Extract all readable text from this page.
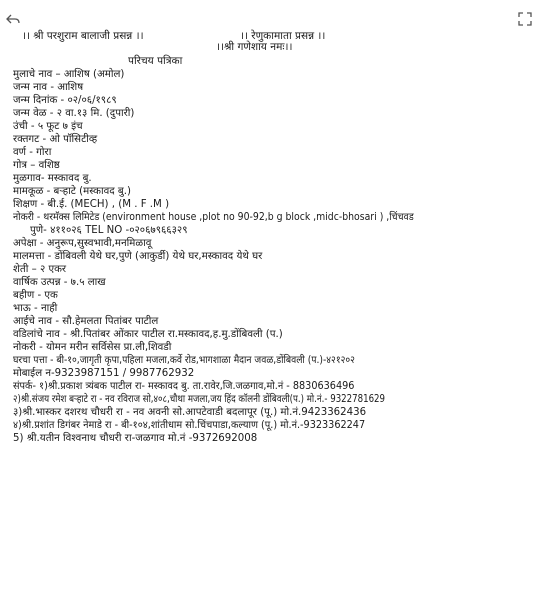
।। श्री परशुराम बालाजी प्रसन्न ।।	।। रेणुकामाता प्रसन्न ।।
।।श्री गणेशाय नमः।।
परिचय पत्रिका
मुलाचे नाव – आशिष (अमोल)
जन्म नाव - आशिष
जन्म दिनांक - ०२/०६/१९८९
जन्म वेळ - २ वा.१३ मि. (दुपारी)
उंची - ५ फूट ७ इंच
रक्तगट - ओ पॉसिटीव्ह
वर्ण - गोरा
गोत्र – वशिष्ठ
मुळगाव- मस्कावद बु.
मामकूळ - बऱ्हाटे (मस्कावद बु.)
शिक्षण - बी.ई. (MECH) , (M . F .M )
नोकरी - थरमॅक्स लिमिटेड (environment house ,plot no 90-92,b g block ,midc-bhosari ) ,चिंचवड
पुणे- ४११०२६ TEL NO -०२०६७९६६३२९
अपेक्षा - अनुरूप,सुस्वभावी,मनमिळावू
मालमत्ता - डोंबिवली येथे घर,पुणे (आकुर्डी) येथे घर,मस्कावद येथे घर
शेती – २ एकर
वार्षिक उत्पन्न - ७.५ लाख
बहीण - एक
भाऊ - नाही
आईचे नाव - सौ.हेमलता पितांबर पाटील
वडिलांचे नाव - श्री.पितांबर ओंकार पाटील रा.मस्कावद,ह.मु.डोंबिवली (प.)
नोकरी - योमन मरीन सर्विसेस प्रा.ली,शिवडी
घरचा पत्ता - बी-१०,जागृती कृपा,पहिला मजला,कर्वे रोड,भागशाळा मैदान जवळ,डोंबिवली (प.)-४२१२०२
मोबाईल न-9323987151 / 9987762932
संपर्क- १)श्री.प्रकाश त्र्यंबक पाटील रा- मस्कावद बु. ता.रावेर,जि.जळगाव,मो.नं - 8830636496
२)श्री.संजय रमेश बऱ्हाटे रा - नव रविराज सो,४०८,चौथा मजला,जय हिंद कॉलनी डोंबिवली(प.) मो.नं.- 9322781629
३)श्री.भास्कर दशरथ चौधरी रा - नव अवनी सो.आपटेवाडी बदलापूर (पू.) मो.नं.9423362436
४)श्री.प्रशांत डिगंबर नेमाडे रा - बी-१०४,शांतीधाम सो.चिंचपाडा,कल्याण (पू.) मो.नं.-9323362247
5) श्री.यतीन विश्वनाथ चौधरी रा-जळगाव मो.नं -9372692008
